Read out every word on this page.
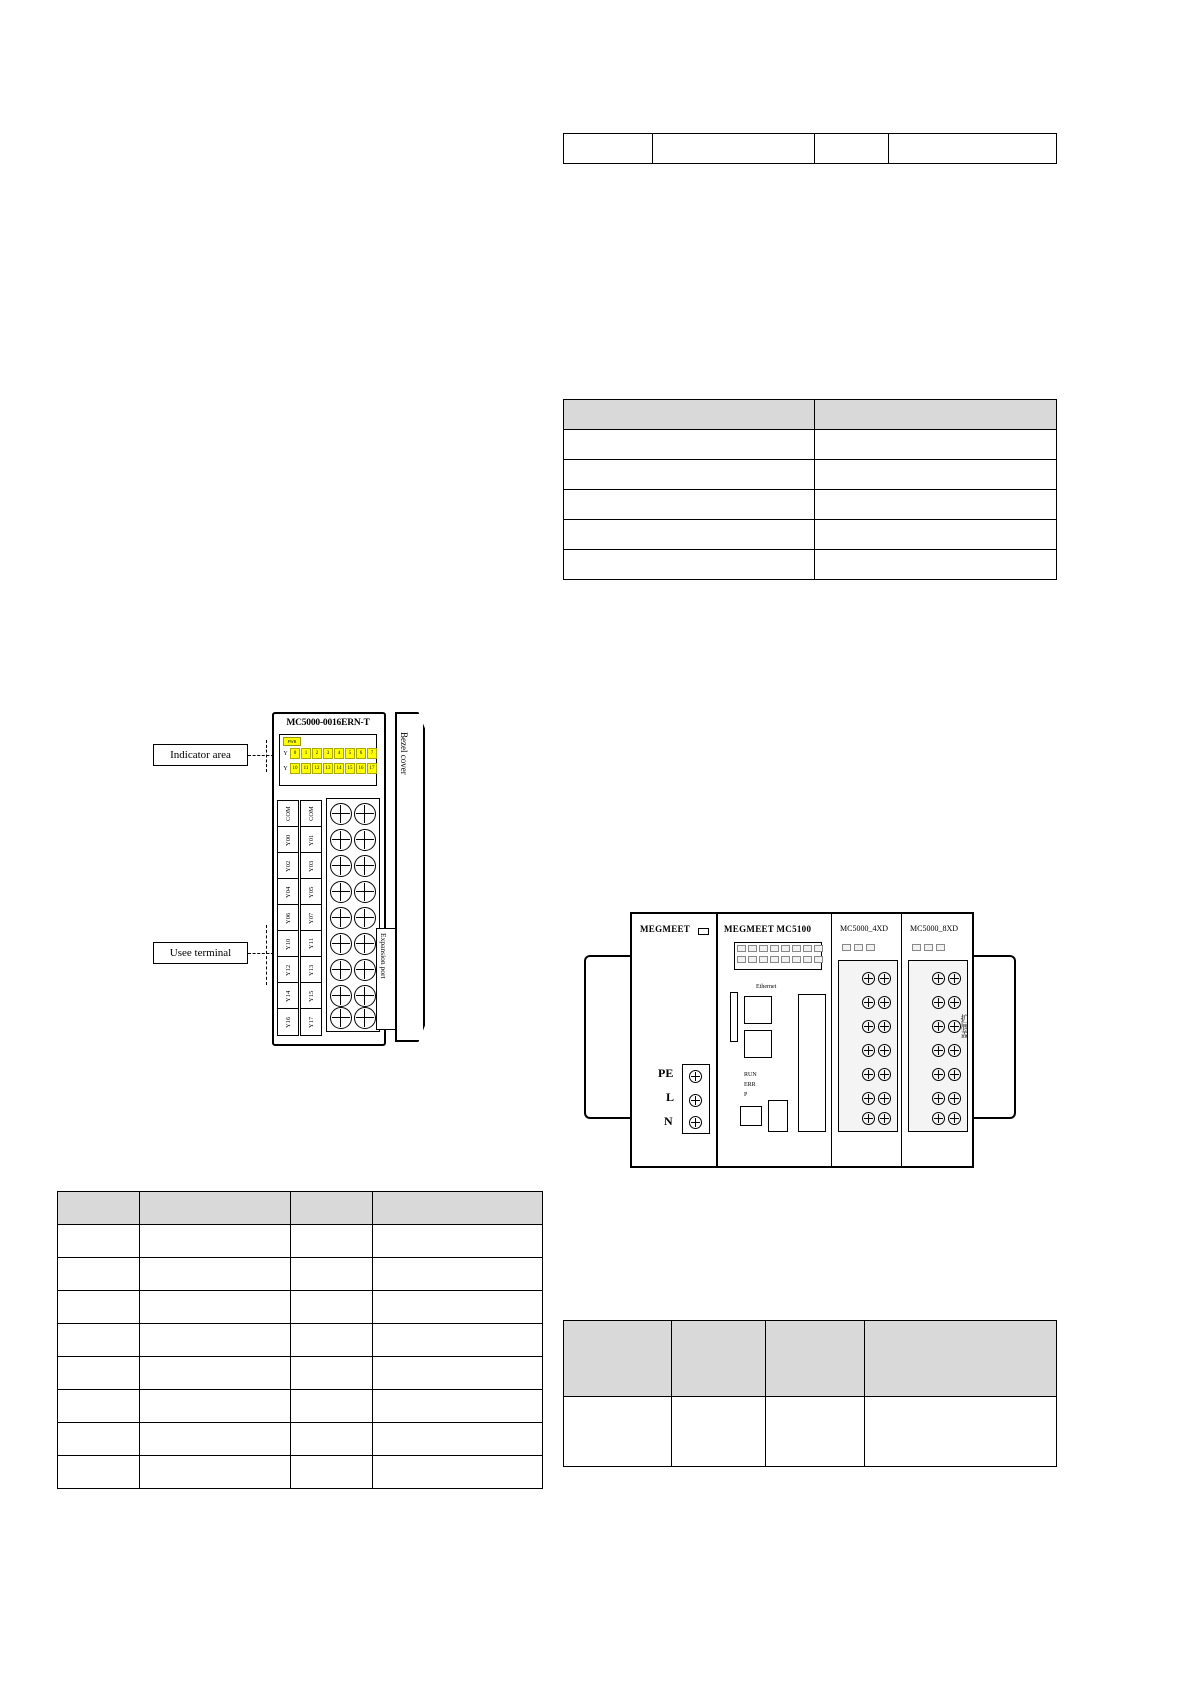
Indicator area
Usee terminal
MC5000-0016ERN-T
PWR
Y	0	1	2	3	4	5	6	7
Y 10	11	12	13	14	15	16	17
COM
Y00
Y02
Y04
Y06
Y10
Y12
Y14
Y16
COM
Y01
Y03
Y05
Y07
Y11
Y13
Y15
Y17
Expansion port
Bezel cover
MEGMEET
PE
L
N
MEGMEET MC5100
Ethernet
RUN
ERR
P
MC5000_4XD	MC5000_8XD
扩展盖
